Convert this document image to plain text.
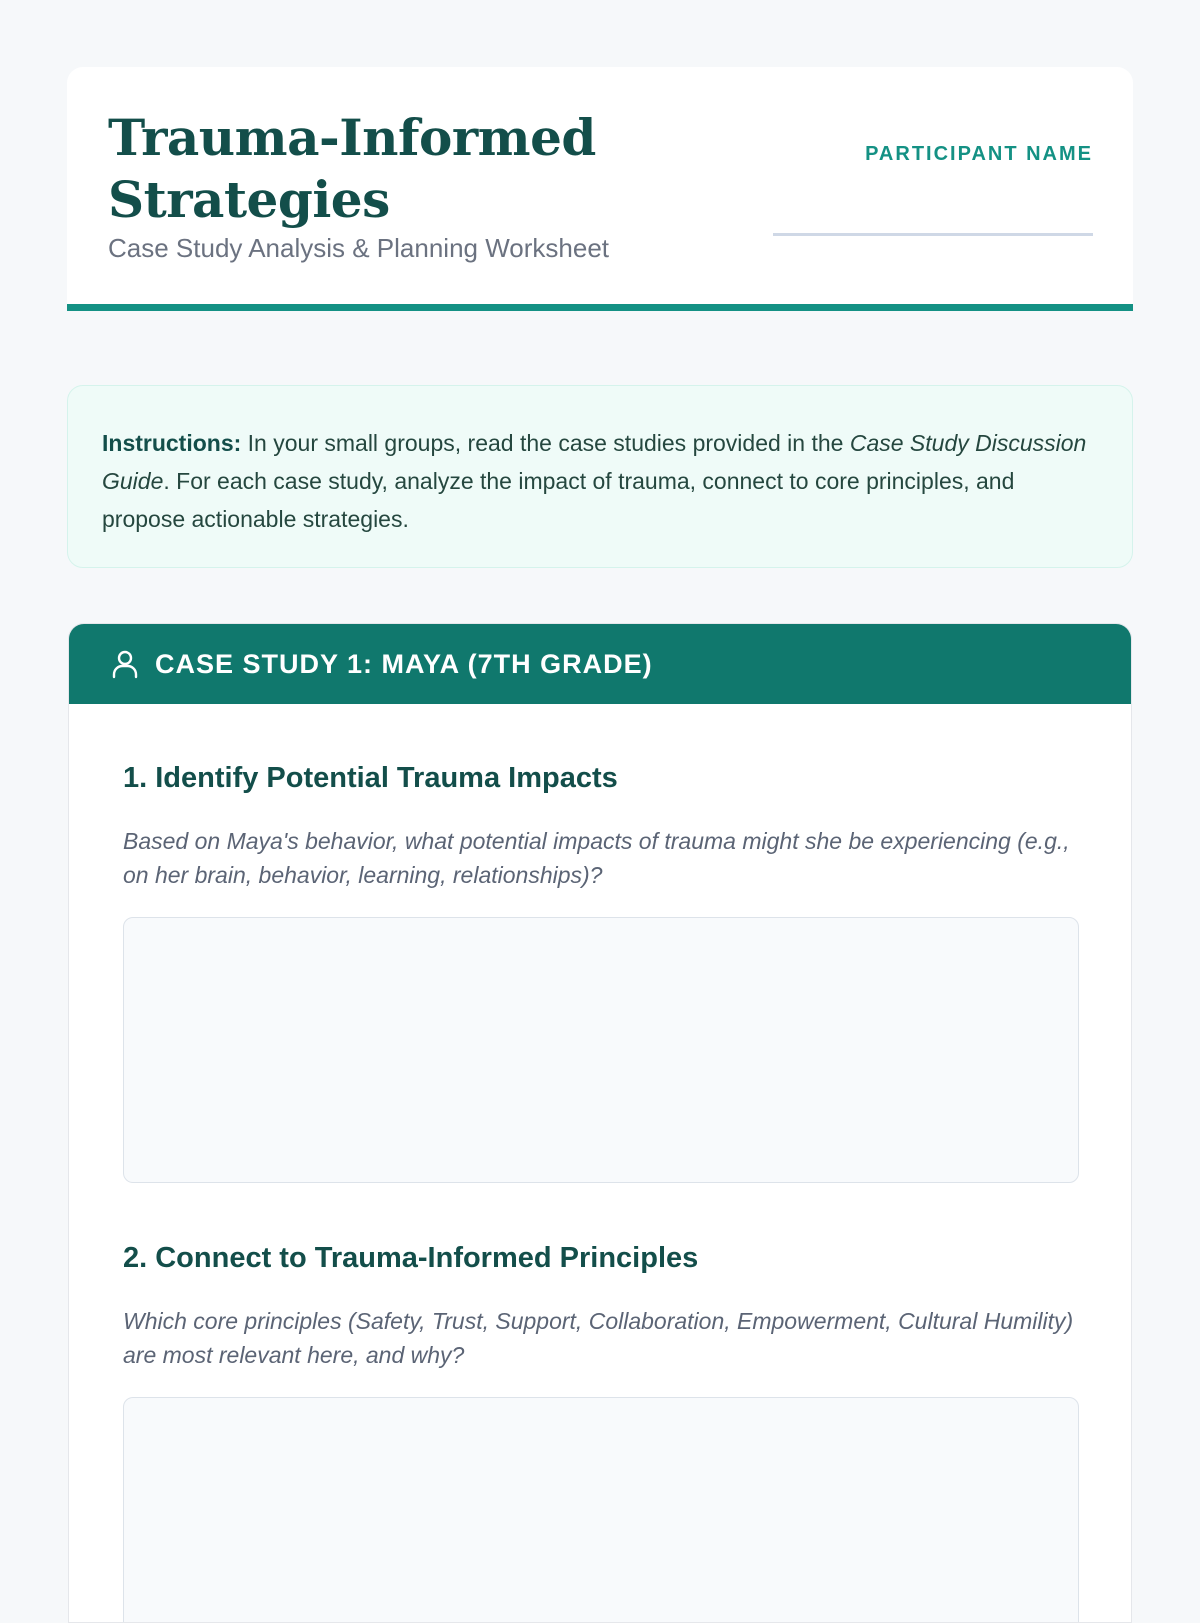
Trauma-Informed Strategies

Case Study Analysis & Planning Worksheet

PARTICIPANT NAME
Instructions: In your small groups, read the case studies provided in the Case Study Discussion Guide. For each case study, analyze the impact of trauma, connect to core principles, and propose actionable strategies.
CASE STUDY 1: MAYA (7TH GRADE)
1. Identify Potential Trauma Impacts

Based on Maya's behavior, what potential impacts of trauma might she be experiencing (e.g., on her brain, behavior, learning, relationships)?

2. Connect to Trauma-Informed Principles

Which core principles (Safety, Trust, Support, Collaboration, Empowerment, Cultural Humility) are most relevant here, and why?
